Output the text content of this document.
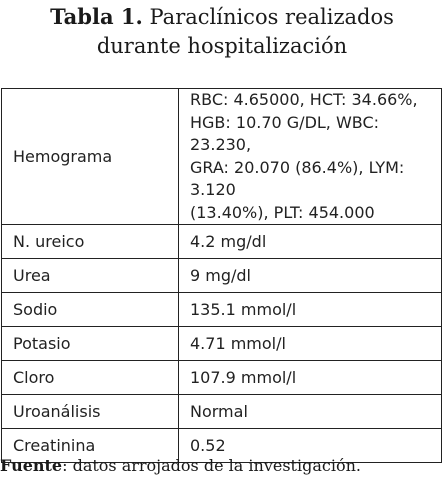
Tabla 1. Paraclínicos realizados
durante hospitalización
Hemograma	RBC: 4.65000, HCT: 34.66%,
HGB: 10.70 G/DL, WBC: 23.230,
GRA: 20.070 (86.4%), LYM: 3.120
(13.40%), PLT: 454.000

N. ureico	4.2 mg/dl
Urea	9 mg/dl
Sodio	135.1 mmol/l
Potasio	4.71 mmol/l
Cloro	107.9 mmol/l
Uroanálisis	Normal
Creatinina	0.52
Fuente: datos arrojados de la investigación.
